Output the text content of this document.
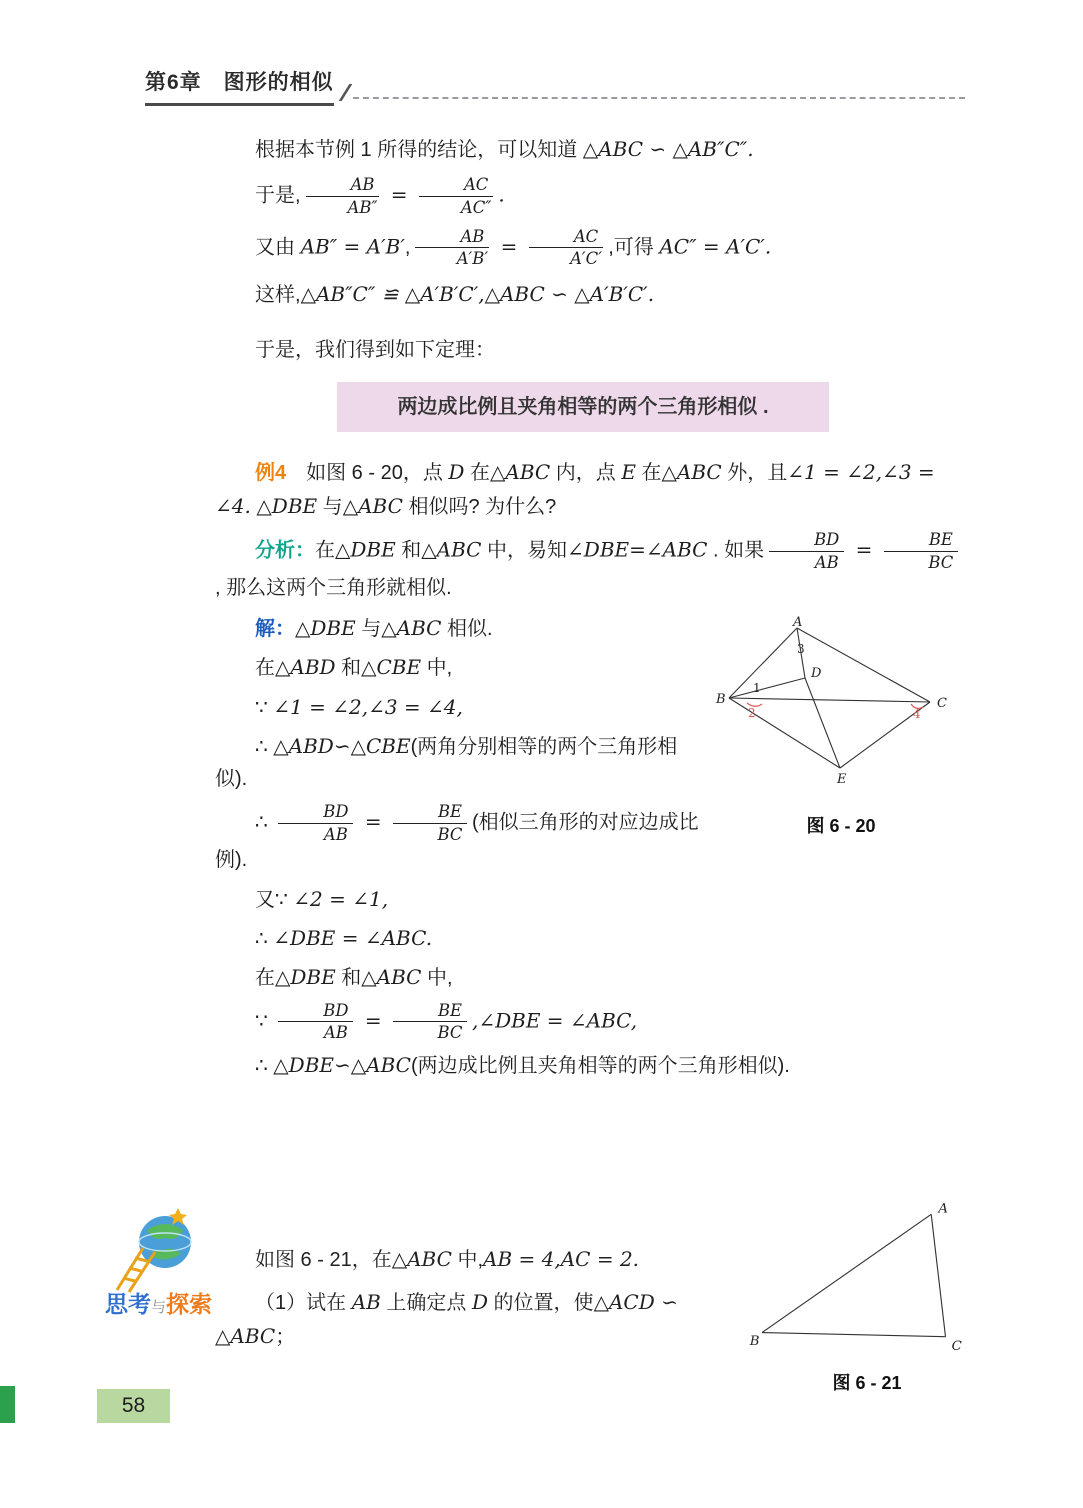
第6章　图形的相似

根据本节例 1 所得的结论，可以知道 △ABC ∽ △AB″C″.

于是, $\frac{AB}{AB''} = \frac{AC}{AC''}$ .

又由 AB″ = A′B′, $\frac{AB}{A'B'} = \frac{AC}{A'C'}$ ,可得 AC″ = A′C′.

这样,△AB″C″ ≌ △A′B′C′,△ABC ∽ △A′B′C′.

于是，我们得到如下定理：

两边成比例且夹角相等的两个三角形相似 .

例4　如图 6 - 20，点 D 在△ABC 内，点 E 在△ABC 外，且∠1 = ∠2,∠3 = ∠4. △DBE 与△ABC 相似吗? 为什么?

分析：在△DBE 和△ABC 中，易知∠DBE=∠ABC . 如果 $\frac{BD}{AB} = \frac{BE}{BC}$
, 那么这两个三角形就相似.

A
B	C
D
E
1
2
3
4
图 6 - 20

解：△DBE 与△ABC 相似.

在△ABD 和△CBE 中,

∵ ∠1 = ∠2,∠3 = ∠4,

∴ △ABD∽△CBE(两角分别相等的两个三角形相似).

∴ $\frac{BD}{AB} = \frac{BE}{BC}$ (相似三角形的对应边成比例).

又∵ ∠2 = ∠1,

∴ ∠DBE = ∠ABC.

在△DBE 和△ABC 中,

∵ $\frac{BD}{AB} = \frac{BE}{BC}$ ,∠DBE = ∠ABC,

∴ △DBE∽△ABC(两边成比例且夹角相等的两个三角形相似).

思考与探索

如图 6 - 21，在△ABC 中,AB = 4,AC = 2.

（1）试在 AB 上确定点 D 的位置，使△ACD ∽ △ABC；

A
B	C
图 6 - 21
58
